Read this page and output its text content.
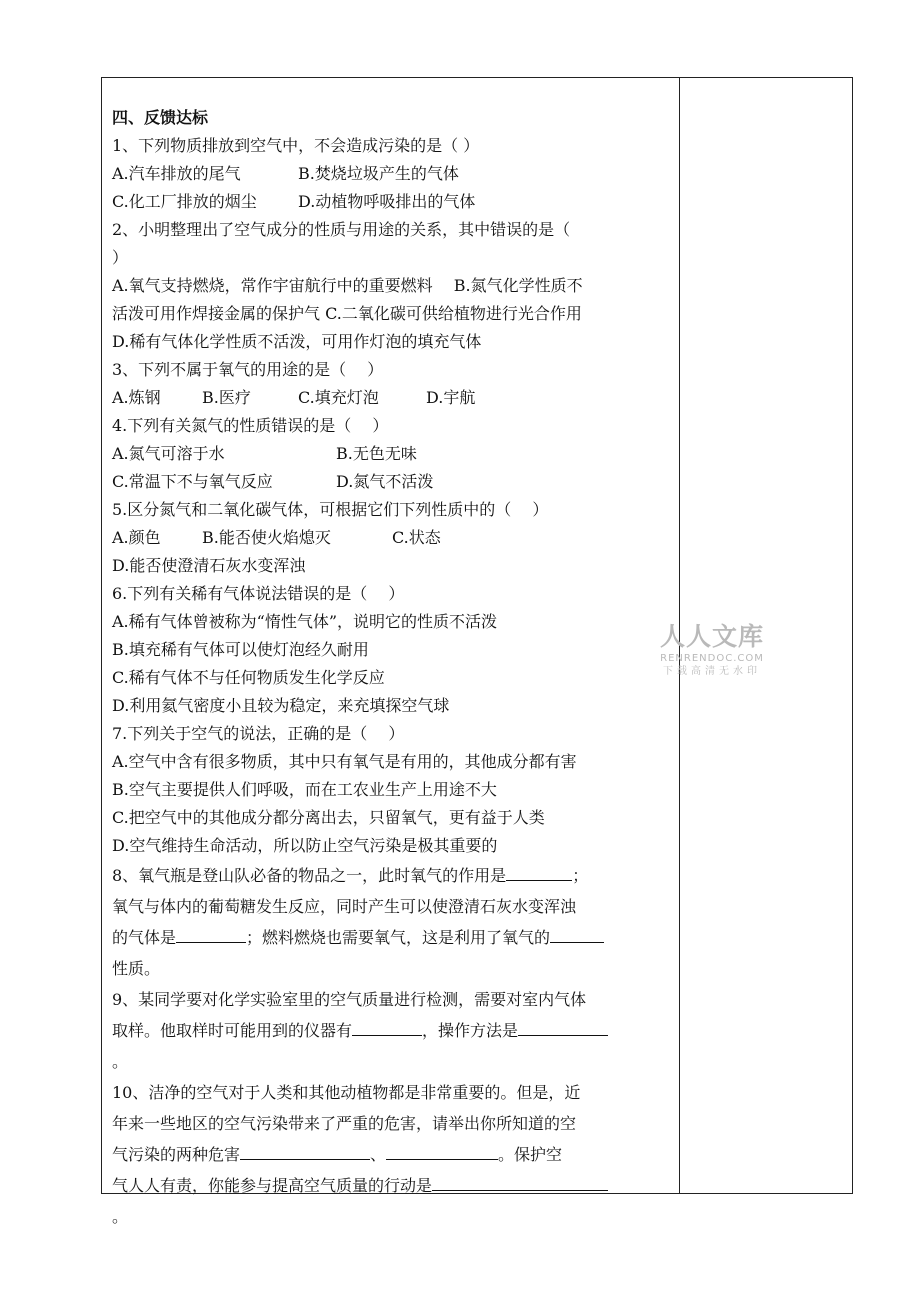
四、反馈达标
1、下列物质排放到空气中，不会造成污染的是（ ）
A.汽车排放的尾气	B.焚烧垃圾产生的气体
C.化工厂排放的烟尘	D.动植物呼吸排出的气体
2、小明整理出了空气成分的性质与用途的关系，其中错误的是（
）
A.氧气支持燃烧，常作宇宙航行中的重要燃料　 B.氮气化学性质不
活泼可用作焊接金属的保护气 C.二氧化碳可供给植物进行光合作用
D.稀有气体化学性质不活泼，可用作灯泡的填充气体
3、下列不属于氧气的用途的是（　 ）
A.炼钢	B.医疗	C.填充灯泡	D.宇航
4.下列有关氮气的性质错误的是（　 ）
A.氮气可溶于水	B.无色无味
C.常温下不与氧气反应	D.氮气不活泼
5.区分氮气和二氧化碳气体，可根据它们下列性质中的（　 ）
A.颜色	B.能否使火焰熄灭	C.状态
D.能否使澄清石灰水变浑浊
6.下列有关稀有气体说法错误的是（　 ）
A.稀有气体曾被称为“惰性气体”，说明它的性质不活泼
B.填充稀有气体可以使灯泡经久耐用
C.稀有气体不与任何物质发生化学反应
D.利用氦气密度小且较为稳定，来充填探空气球
7.下列关于空气的说法，正确的是（　 ）
A.空气中含有很多物质，其中只有氧气是有用的，其他成分都有害
B.空气主要提供人们呼吸，而在工农业生产上用途不大
C.把空气中的其他成分都分离出去，只留氧气，更有益于人类
D.空气维持生命活动，所以防止空气污染是极其重要的
8、氧气瓶是登山队必备的物品之一，此时氧气的作用是	；
氧气与体内的葡萄糖发生反应，同时产生可以使澄清石灰水变浑浊
的气体是	；燃料燃烧也需要氧气，这是利用了氧气的
性质。
9、某同学要对化学实验室里的空气质量进行检测，需要对室内气体
取样。他取样时可能用到的仪器有	，操作方法是
。
10、洁净的空气对于人类和其他动植物都是非常重要的。但是，近
年来一些地区的空气污染带来了严重的危害，请举出你所知道的空
气污染的两种危害	、	。保护空
气人人有责，你能参与提高空气质量的行动是
。
人人文库
RENRENDOC.COM
下载高清无水印
